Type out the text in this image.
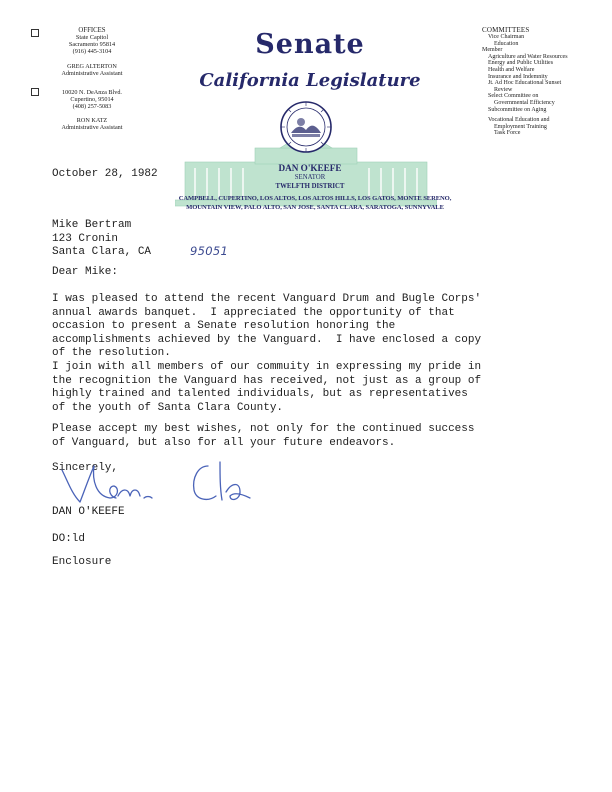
OFFICES
State Capitol
Sacramento 95814
(916) 445-3104
GREG ALTERTON
Administrative Assistant
10020 N. DeAnza Blvd.
Cupertino, 95014
(408) 257-5083
RON KATZ
Administrative Assistant
Senate
California Legislature
DAN O'KEEFE
SENATOR
TWELFTH DISTRICT
CAMPBELL, CUPERTINO, LOS ALTOS, LOS ALTOS HILLS, LOS GATOS, MONTE SERENO,
MOUNTAIN VIEW, PALO ALTO, SAN JOSE, SANTA CLARA, SARATOGA, SUNNYVALE
COMMITTEES
Vice Chairman
Education
Member
Agriculture and Water Resources
Energy and Public Utilities
Health and Welfare
Insurance and Indemnity
Jt. Ad Hoc Educational Sunset
Review
Select Committee on
Governmental Efficiency
Subcommittee on Aging
Vocational Education and
Employment Training
Task Force
October 28, 1982
Mike Bertram
123 Cronin
Santa Clara, CA	95051
Dear Mike:
I was pleased to attend the recent Vanguard Drum and Bugle Corps'
annual awards banquet.  I appreciated the opportunity of that
occasion to present a Senate resolution honoring the
accomplishments achieved by the Vanguard.  I have enclosed a copy
of the resolution.
I join with all members of our commuity in expressing my pride in
the recognition the Vanguard has received, not just as a group of
highly trained and talented individuals, but as representatives
of the youth of Santa Clara County.
Please accept my best wishes, not only for the continued success
of Vanguard, but also for all your future endeavors.
Sincerely,
DAN O'KEEFE
DO:ld
Enclosure
